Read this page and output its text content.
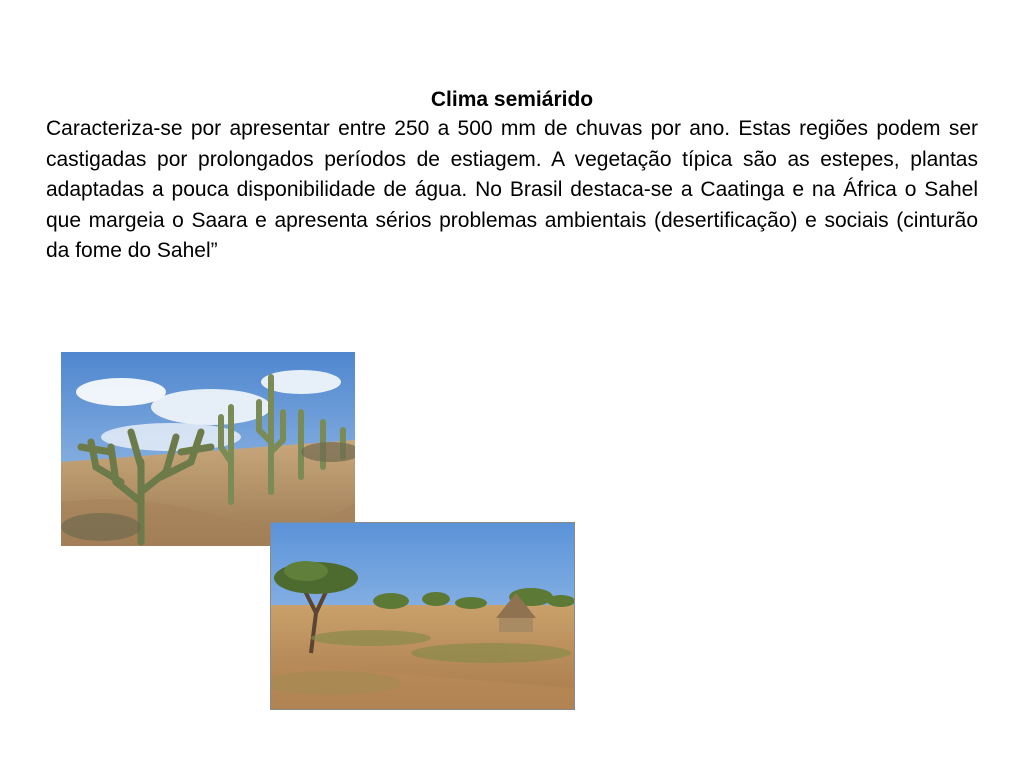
Clima semiárido
Caracteriza-se por apresentar entre 250 a 500 mm de chuvas por ano. Estas regiões podem ser castigadas por prolongados períodos de estiagem. A vegetação típica são as estepes, plantas adaptadas a pouca disponibilidade de água. No Brasil destaca-se a Caatinga e na África o Sahel que margeia o Saara e apresenta sérios problemas ambientais (desertificação) e sociais (cinturão da fome do Sahel”
